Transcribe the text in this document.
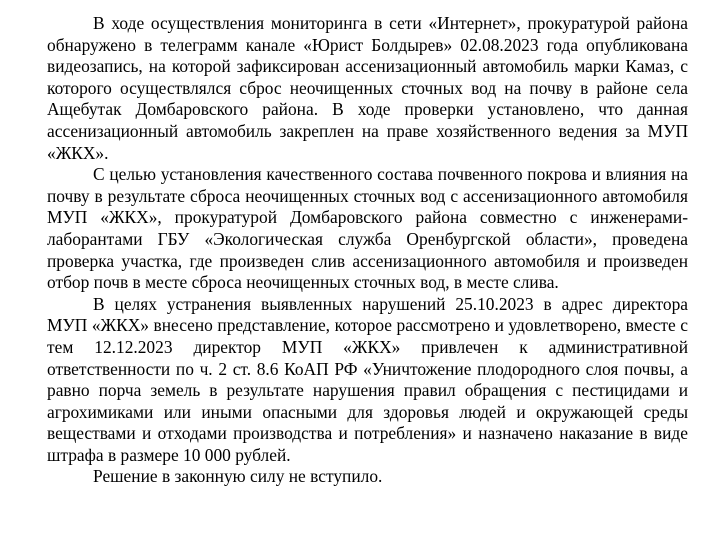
В ходе осуществления мониторинга в сети «Интернет», прокуратурой района обнаружено в телеграмм канале «Юрист Болдырев» 02.08.2023 года опубликована видеозапись, на которой зафиксирован ассенизационный автомобиль марки Камаз, с которого осуществлялся сброс неочищенных сточных вод на почву в районе села Ащебутак Домбаровского района. В ходе проверки установлено, что данная ассенизационный автомобиль закреплен на праве хозяйственного ведения за МУП «ЖКХ».

С целью установления качественного состава почвенного покрова и влияния на почву в результате сброса неочищенных сточных вод с ассенизационного автомобиля МУП «ЖКХ», прокуратурой Домбаровского района совместно с инженерами-лаборантами ГБУ «Экологическая служба Оренбургской области», проведена проверка участка, где произведен слив ассенизационного автомобиля и произведен отбор почв в месте сброса неочищенных сточных вод, в месте слива.

В целях устранения выявленных нарушений 25.10.2023 в адрес директора МУП «ЖКХ» внесено представление, которое рассмотрено и удовлетворено, вместе с тем 12.12.2023 директор МУП «ЖКХ» привлечен к административной ответственности по ч. 2 ст. 8.6 КоАП РФ «Уничтожение плодородного слоя почвы, а равно порча земель в результате нарушения правил обращения с пестицидами и агрохимиками или иными опасными для здоровья людей и окружающей среды веществами и отходами производства и потребления» и назначено наказание в виде штрафа в размере 10 000 рублей.

Решение в законную силу не вступило.
